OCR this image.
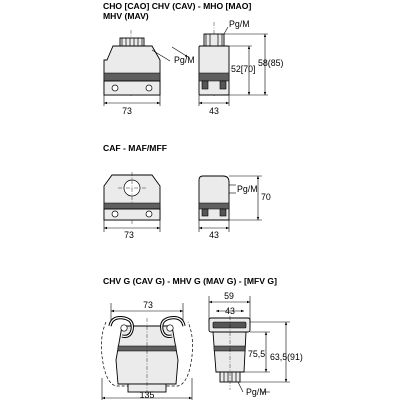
CHO [CAO] CHV (CAV) - MHO [MAO]
MHV (MAV)
73
Pg/M
43
Pg/M
52[70]
58(85)
CAF - MAF/MFF
73	43
Pg/M
70
CHV G (CAV G) - MHV G (MAV G) - [MFV G]
73
135
59
43
75,5 63,5(91)
Pg/M
